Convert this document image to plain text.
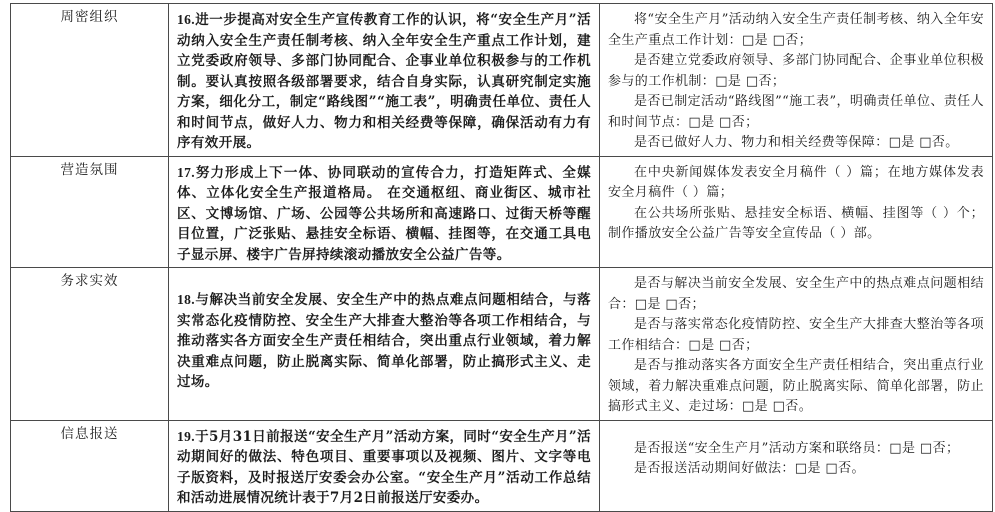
周密组织	16.进一步提高对安全生产宣传教育工作的认识，将“安全生产月”活动纳入安全生产责任制考核、纳入全年安全生产重点工作计划，建立党委政府领导、多部门协同配合、企事业单位积极参与的工作机制。要认真按照各级部署要求，结合自身实际，认真研究制定实施方案，细化分工，制定“路线图”“施工表”，明确责任单位、责任人和时间节点，做好人力、物力和相关经费等保障，确保活动有力有序有效开展。	将“安全生产月”活动纳入安全生产责任制考核、纳入全年安全生产重点工作计划：□是 □否；

是否建立党委政府领导、多部门协同配合、企事业单位积极参与的工作机制：□是 □否；

是否已制定活动“路线图”“施工表”，明确责任单位、责任人和时间节点：□是 □否；

是否已做好人力、物力和相关经费等保障：□是 □否。

营造氛围	17.努力形成上下一体、协同联动的宣传合力，打造矩阵式、全媒体、立体化安全生产报道格局。 在交通枢纽、商业街区、城市社区、文博场馆、广场、公园等公共场所和高速路口、过街天桥等醒目位置，广泛张贴、悬挂安全标语、横幅、挂图等，在交通工具电子显示屏、楼宇广告屏持续滚动播放安全公益广告等。	在中央新闻媒体发表安全月稿件（ ）篇；在地方媒体发表安全月稿件（ ）篇；

在公共场所张贴、悬挂安全标语、横幅、挂图等（ ）个；制作播放安全公益广告等安全宣传品（ ）部。

务求实效	18.与解决当前安全发展、安全生产中的热点难点问题相结合，与落实常态化疫情防控、安全生产大排查大整治等各项工作相结合，与推动落实各方面安全生产责任相结合，突出重点行业领域，着力解决重难点问题，防止脱离实际、简单化部署，防止搞形式主义、走过场。	是否与解决当前安全发展、安全生产中的热点难点问题相结合：□是 □否；

是否与落实常态化疫情防控、安全生产大排查大整治等各项工作相结合：□是 □否；

是否与推动落实各方面安全生产责任相结合，突出重点行业领域，着力解决重难点问题，防止脱离实际、简单化部署，防止搞形式主义、走过场：□是 □否。

信息报送	19.于5月31日前报送“安全生产月”活动方案，同时“安全生产月”活动期间好的做法、特色项目、重要事项以及视频、图片、文字等电子版资料，及时报送厅安委会办公室。“安全生产月”活动工作总结和活动进展情况统计表于7月2日前报送厅安委办。	是否报送“安全生产月”活动方案和联络员：□是 □否；

是否报送活动期间好做法：□是 □否。
